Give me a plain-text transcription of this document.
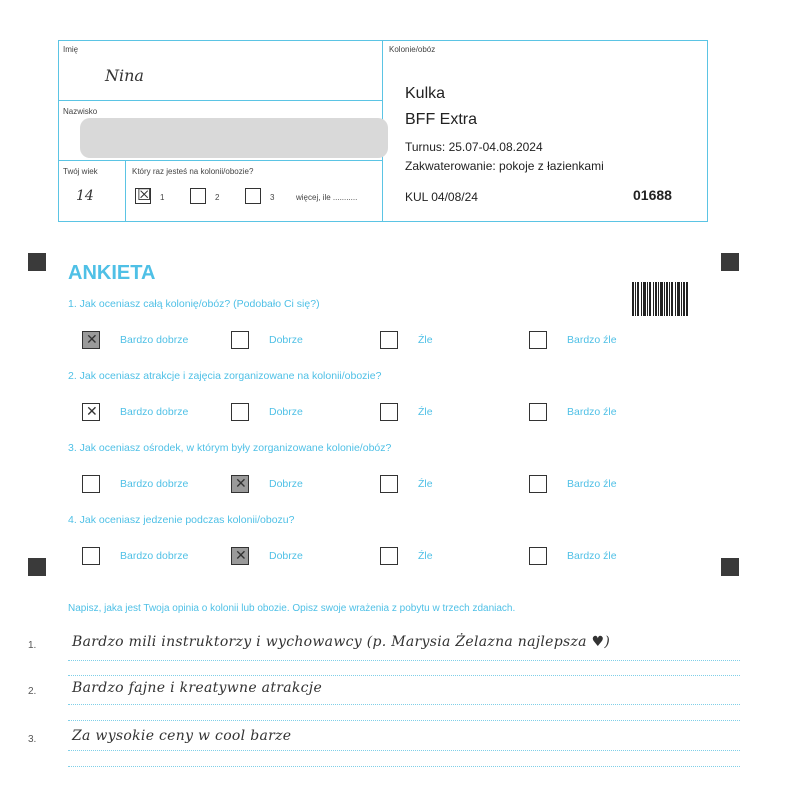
Imię
Nina
Nazwisko
Twój wiek
14
Który raz jesteś na kolonii/obozie?
☒ 1	2	3	więcej, ile ...........
Kolonie/obóz
Kulka
BFF Extra
Turnus: 25.07-04.08.2024
Zakwaterowanie: pokoje z łazienkami
KUL 04/08/24	01688
ANKIETA
1. Jak oceniasz całą kolonię/obóz? (Podobało Ci się?)
✕ Bardzo dobrze	Dobrze	Źle	Bardzo źle
2. Jak oceniasz atrakcje i zajęcia zorganizowane na kolonii/obozie?
✕ Bardzo dobrze	Dobrze	Źle	Bardzo źle
3. Jak oceniasz ośrodek, w którym były zorganizowane kolonie/obóz?
Bardzo dobrze	✕ Dobrze	Źle	Bardzo źle
4. Jak oceniasz jedzenie podczas kolonii/obozu?
Bardzo dobrze	✕ Dobrze	Źle	Bardzo źle
Napisz, jaka jest Twoja opinia o kolonii lub obozie. Opisz swoje wrażenia z pobytu w trzech zdaniach.
1.	Bardzo mili instruktorzy i wychowawcy (p. Marysia Żelazna najlepsza ♥)
2.	Bardzo fajne i kreatywne atrakcje
3.	Za wysokie ceny w cool barze
